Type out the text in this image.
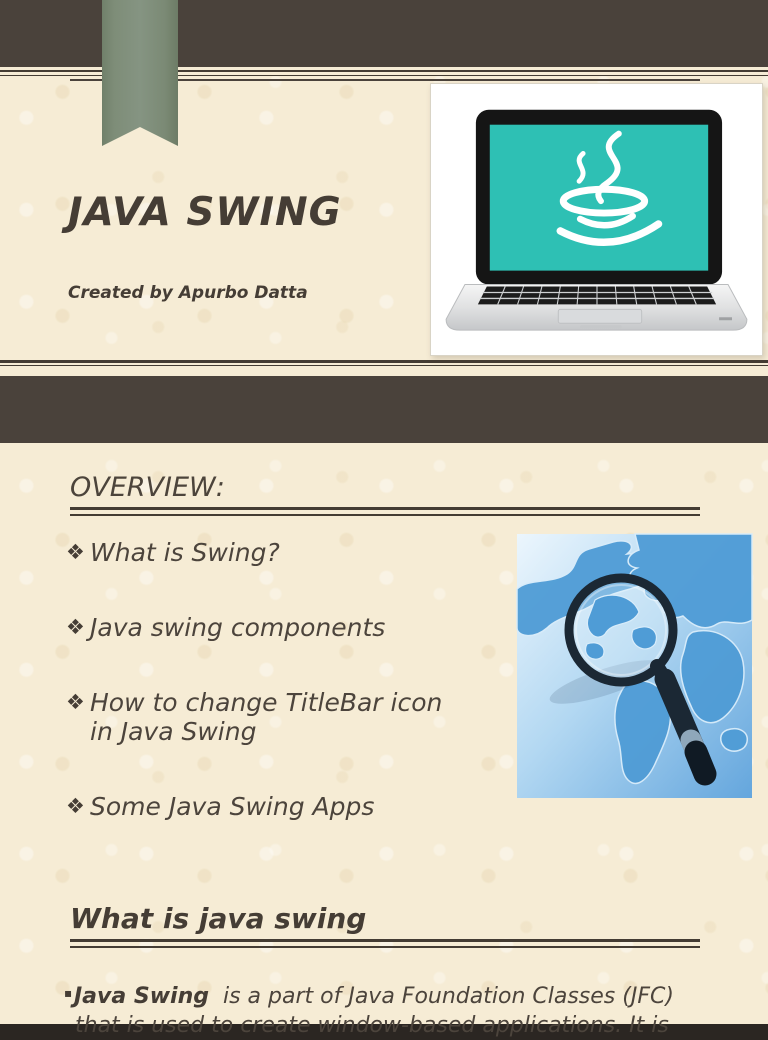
JAVA SWING
Created by Apurbo Datta
OVERVIEW:
❖ What is Swing?
❖ Java swing components
❖ How to change TitleBar icon
in Java Swing
❖ Some Java Swing Apps
What is java swing
▪ Java Swing  is a part of Java Foundation Classes (JFC)
that is used to create window-based applications. It is
